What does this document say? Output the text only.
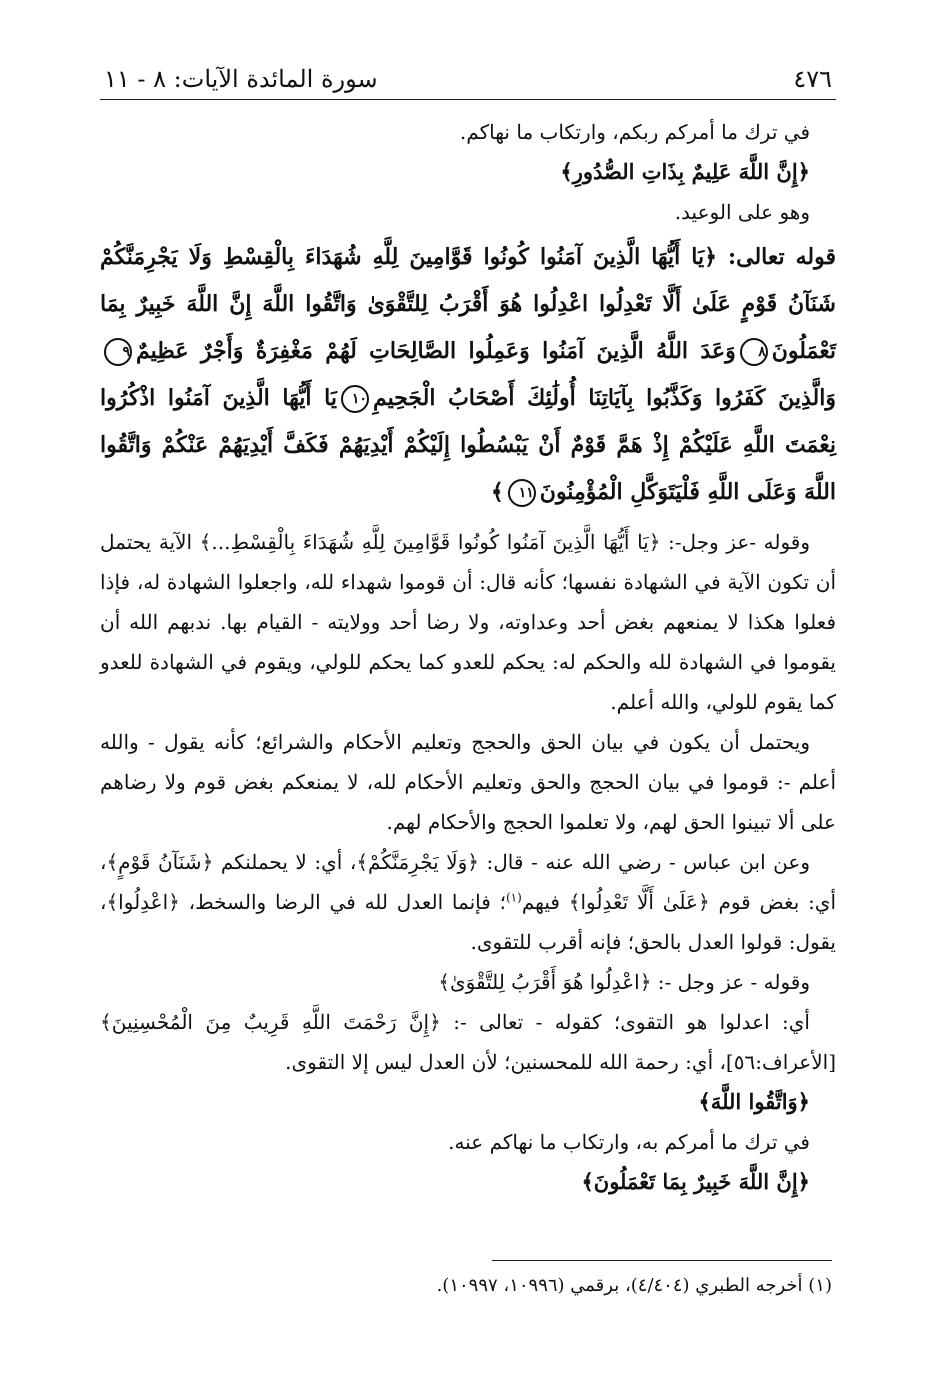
٤٧٦
سورة المائدة الآيات: ٨ - ١١

في ترك ما أمركم ربكم، وارتكاب ما نهاكم.

﴿إِنَّ اللَّهَ عَلِيمٌ بِذَاتِ الصُّدُورِ﴾

وهو على الوعيد.

قوله تعالى: ﴿يَا أَيُّهَا الَّذِينَ آمَنُوا كُونُوا قَوَّامِينَ لِلَّهِ شُهَدَاءَ بِالْقِسْطِ وَلَا يَجْرِمَنَّكُمْ شَنَآنُ قَوْمٍ عَلَىٰ أَلَّا تَعْدِلُوا اعْدِلُوا هُوَ أَقْرَبُ لِلتَّقْوَىٰ وَاتَّقُوا اللَّهَ إِنَّ اللَّهَ خَبِيرٌ بِمَا تَعْمَلُونَ٨وَعَدَ اللَّهُ الَّذِينَ آمَنُوا وَعَمِلُوا الصَّالِحَاتِ لَهُمْ مَغْفِرَةٌ وَأَجْرٌ عَظِيمٌ٩وَالَّذِينَ كَفَرُوا وَكَذَّبُوا بِآيَاتِنَا أُولَٰئِكَ أَصْحَابُ الْجَحِيمِ١٠يَا أَيُّهَا الَّذِينَ آمَنُوا اذْكُرُوا نِعْمَتَ اللَّهِ عَلَيْكُمْ إِذْ هَمَّ قَوْمٌ أَنْ يَبْسُطُوا إِلَيْكُمْ أَيْدِيَهُمْ فَكَفَّ أَيْدِيَهُمْ عَنْكُمْ وَاتَّقُوا اللَّهَ وَعَلَى اللَّهِ فَلْيَتَوَكَّلِ الْمُؤْمِنُونَ١١﴾

وقوله -عز وجل-: ﴿يَا أَيُّهَا الَّذِينَ آمَنُوا كُونُوا قَوَّامِينَ لِلَّهِ شُهَدَاءَ بِالْقِسْطِ...﴾ الآية يحتمل أن تكون الآية في الشهادة نفسها؛ كأنه قال: أن قوموا شهداء لله، واجعلوا الشهادة له، فإذا فعلوا هكذا لا يمنعهم بغض أحد وعداوته، ولا رضا أحد وولايته - القيام بها. ندبهم الله أن يقوموا في الشهادة لله والحكم له: يحكم للعدو كما يحكم للولي، ويقوم في الشهادة للعدو كما يقوم للولي، والله أعلم.

ويحتمل أن يكون في بيان الحق والحجج وتعليم الأحكام والشرائع؛ كأنه يقول - والله أعلم -: قوموا في بيان الحجج والحق وتعليم الأحكام لله، لا يمنعكم بغض قوم ولا رضاهم على ألا تبينوا الحق لهم، ولا تعلموا الحجج والأحكام لهم.

وعن ابن عباس - رضي الله عنه - قال: ﴿وَلَا يَجْرِمَنَّكُمْ﴾، أي: لا يحملنكم ﴿شَنَآنُ قَوْمٍ﴾، أي: بغض قوم ﴿عَلَىٰ أَلَّا تَعْدِلُوا﴾ فيهم$^{(١)}$؛ فإنما العدل لله في الرضا والسخط، ﴿اعْدِلُوا﴾، يقول: قولوا العدل بالحق؛ فإنه أقرب للتقوى.

وقوله - عز وجل -: ﴿اعْدِلُوا هُوَ أَقْرَبُ لِلتَّقْوَىٰ﴾

أي: اعدلوا هو التقوى؛ كقوله - تعالى -: ﴿إِنَّ رَحْمَتَ اللَّهِ قَرِيبٌ مِنَ الْمُحْسِنِينَ﴾ [الأعراف:٥٦]، أي: رحمة الله للمحسنين؛ لأن العدل ليس إلا التقوى.

﴿وَاتَّقُوا اللَّهَ﴾

في ترك ما أمركم به، وارتكاب ما نهاكم عنه.

﴿إِنَّ اللَّهَ خَبِيرٌ بِمَا تَعْمَلُونَ﴾

(١) أخرجه الطبري (٤/٤٠٤)، برقمي (١٠٩٩٦، ١٠٩٩٧).
